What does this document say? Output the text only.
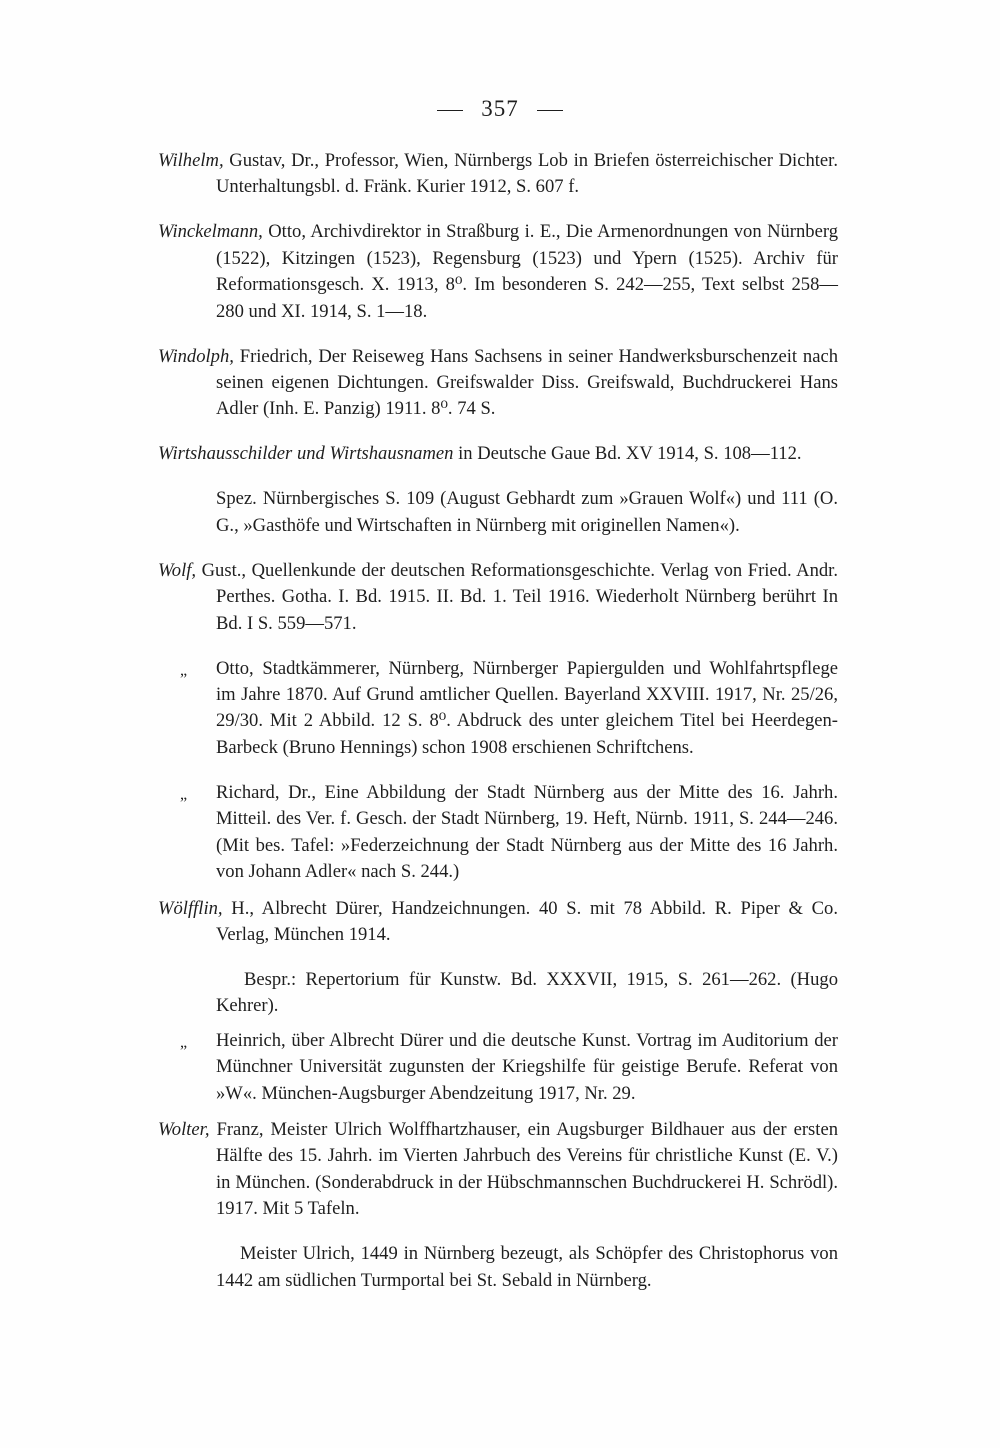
357

Wilhelm, Gustav, Dr., Professor, Wien, Nürnbergs Lob in Briefen österreichischer Dichter. Unterhaltungsbl. d. Fränk. Kurier 1912, S. 607 f.

Winckelmann, Otto, Archivdirektor in Straßburg i. E., Die Armenordnungen von Nürnberg (1522), Kitzingen (1523), Regensburg (1523) und Ypern (1525). Archiv für Reformationsgesch. X. 1913, 8⁰. Im besonderen S. 242—255, Text selbst 258—280 und XI. 1914, S. 1—18.

Windolph, Friedrich, Der Reiseweg Hans Sachsens in seiner Handwerksburschenzeit nach seinen eigenen Dichtungen. Greifswalder Diss. Greifswald, Buchdruckerei Hans Adler (Inh. E. Panzig) 1911. 8⁰. 74 S.

Wirtshausschilder und Wirtshausnamen in Deutsche Gaue Bd. XV 1914, S. 108—112.

Spez. Nürnbergisches S. 109 (August Gebhardt zum »Grauen Wolf«) und 111 (O. G., »Gasthöfe und Wirtschaften in Nürnberg mit originellen Namen«).

Wolf, Gust., Quellenkunde der deutschen Reformationsgeschichte. Verlag von Fried. Andr. Perthes. Gotha. I. Bd. 1915. II. Bd. 1. Teil 1916. Wiederholt Nürnberg berührt In Bd. I S. 559—571.

„ Otto, Stadtkämmerer, Nürnberg, Nürnberger Papiergulden und Wohlfahrtspflege im Jahre 1870. Auf Grund amtlicher Quellen. Bayerland XXVIII. 1917, Nr. 25/26, 29/30. Mit 2 Abbild. 12 S. 8⁰. Abdruck des unter gleichem Titel bei Heerdegen-Barbeck (Bruno Hennings) schon 1908 erschienen Schriftchens.

„ Richard, Dr., Eine Abbildung der Stadt Nürnberg aus der Mitte des 16. Jahrh. Mitteil. des Ver. f. Gesch. der Stadt Nürnberg, 19. Heft, Nürnb. 1911, S. 244—246. (Mit bes. Tafel: »Federzeichnung der Stadt Nürnberg aus der Mitte des 16 Jahrh. von Johann Adler« nach S. 244.)

Wölfflin, H., Albrecht Dürer, Handzeichnungen. 40 S. mit 78 Abbild. R. Piper & Co. Verlag, München 1914.

Bespr.: Repertorium für Kunstw. Bd. XXXVII, 1915, S. 261—262. (Hugo Kehrer).

„ Heinrich, über Albrecht Dürer und die deutsche Kunst. Vortrag im Auditorium der Münchner Universität zugunsten der Kriegshilfe für geistige Berufe. Referat von »W«. München-Augsburger Abendzeitung 1917, Nr. 29.

Wolter, Franz, Meister Ulrich Wolffhartzhauser, ein Augsburger Bildhauer aus der ersten Hälfte des 15. Jahrh. im Vierten Jahrbuch des Vereins für christliche Kunst (E. V.) in München. (Sonderabdruck in der Hübschmannschen Buchdruckerei H. Schrödl). 1917. Mit 5 Tafeln.

Meister Ulrich, 1449 in Nürnberg bezeugt, als Schöpfer des Christophorus von 1442 am südlichen Turmportal bei St. Sebald in Nürnberg.
